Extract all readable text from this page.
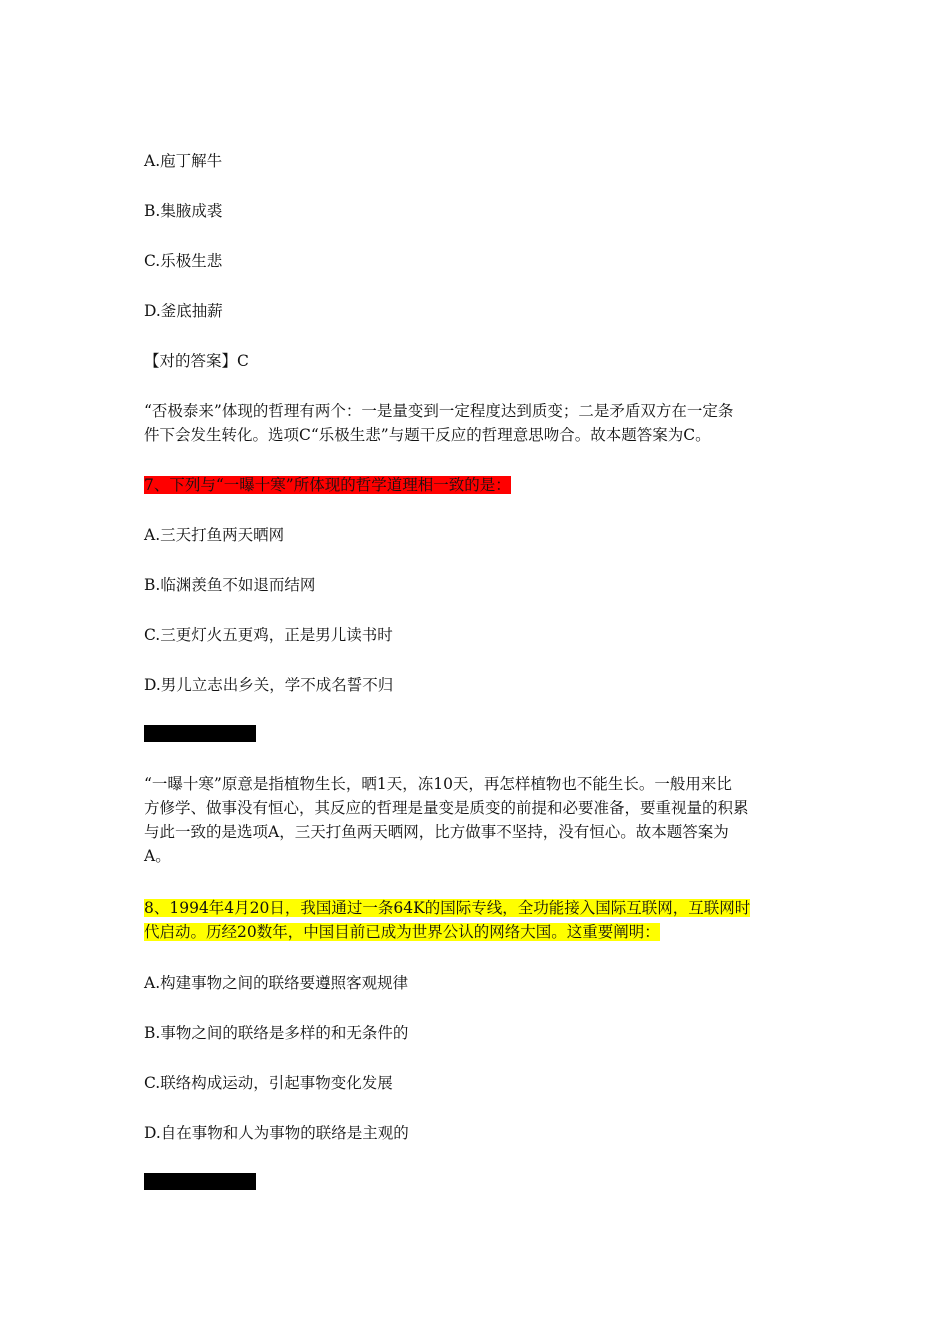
A.庖丁解牛
B.集腋成裘
C.乐极生悲
D.釜底抽薪
【对的答案】C
“否极泰来”体现的哲理有两个：一是量变到一定程度达到质变；二是矛盾双方在一定条
件下会发生转化。选项C“乐极生悲”与题干反应的哲理意思吻合。故本题答案为C。
7、下列与“一曝十寒”所体现的哲学道理相一致的是：
A.三天打鱼两天晒网
B.临渊羡鱼不如退而结网
C.三更灯火五更鸡，正是男儿读书时
D.男儿立志出乡关，学不成名誓不归
“一曝十寒”原意是指植物生长，晒1天，冻10天，再怎样植物也不能生长。一般用来比
方修学、做事没有恒心，其反应的哲理是量变是质变的前提和必要准备，要重视量的积累
与此一致的是选项A，三天打鱼两天晒网，比方做事不坚持，没有恒心。故本题答案为
A。
8、1994年4月20日，我国通过一条64K的国际专线，全功能接入国际互联网，互联网时
代启动。历经20数年，中国目前已成为世界公认的网络大国。这重要阐明：
A.构建事物之间的联络要遵照客观规律
B.事物之间的联络是多样的和无条件的
C.联络构成运动，引起事物变化发展
D.自在事物和人为事物的联络是主观的
